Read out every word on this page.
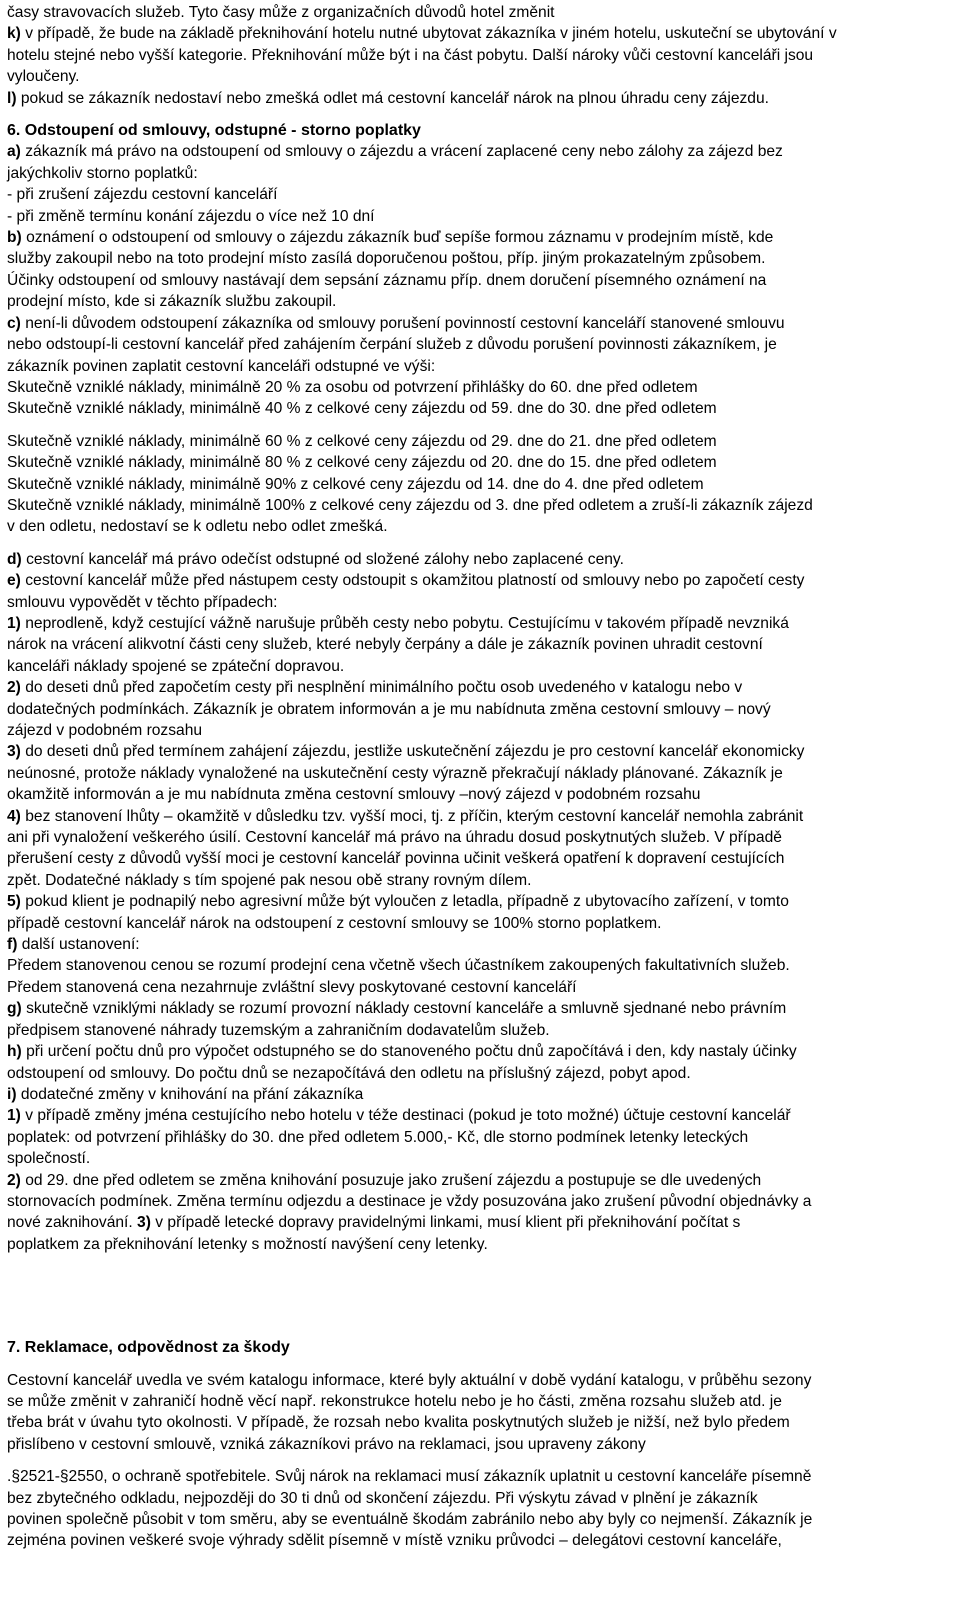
časy stravovacích služeb. Tyto časy může z organizačních důvodů hotel změnit
k) v případě, že bude na základě překnihování hotelu nutné ubytovat zákazníka v jiném hotelu, uskuteční se ubytování v
hotelu stejné nebo vyšší kategorie. Překnihování může být i na část pobytu. Další nároky vůči cestovní kanceláři jsou
vyloučeny.
l) pokud se zákazník nedostaví nebo zmešká odlet má cestovní kancelář nárok na plnou úhradu ceny zájezdu.
6. Odstoupení od smlouvy, odstupné - storno poplatky
a) zákazník má právo na odstoupení od smlouvy o zájezdu a vrácení zaplacené ceny nebo zálohy za zájezd bez
jakýchkoliv storno poplatků:
- při zrušení zájezdu cestovní kanceláří
- při změně termínu konání zájezdu o více než 10 dní
b) oznámení o odstoupení od smlouvy o zájezdu zákazník buď sepíše formou záznamu v prodejním místě, kde
služby zakoupil nebo na toto prodejní místo zasílá doporučenou poštou, příp. jiným prokazatelným způsobem.
Účinky odstoupení od smlouvy nastávají dem sepsání záznamu příp. dnem doručení písemného oznámení na
prodejní místo, kde si zákazník službu zakoupil.
c) není-li důvodem odstoupení zákazníka od smlouvy porušení povinností cestovní kanceláří stanovené smlouvu
nebo odstoupí-li cestovní kancelář před zahájením čerpání služeb z důvodu porušení povinnosti zákazníkem, je
zákazník povinen zaplatit cestovní kanceláři odstupné ve výši:
Skutečně vzniklé náklady, minimálně 20 % za osobu od potvrzení přihlášky do 60. dne před odletem
Skutečně vzniklé náklady, minimálně 40 % z celkové ceny zájezdu od 59. dne do 30. dne před odletem
Skutečně vzniklé náklady, minimálně 60 % z celkové ceny zájezdu od 29. dne do 21. dne před odletem
Skutečně vzniklé náklady, minimálně 80 % z celkové ceny zájezdu od 20. dne do 15. dne před odletem
Skutečně vzniklé náklady, minimálně 90% z celkové ceny zájezdu od 14. dne do 4. dne před odletem
Skutečně vzniklé náklady, minimálně 100% z celkové ceny zájezdu od 3. dne před odletem a zruší-li zákazník zájezd
v den odletu, nedostaví se k odletu nebo odlet zmešká.
d) cestovní kancelář má právo odečíst odstupné od složené zálohy nebo zaplacené ceny.
e) cestovní kancelář může před nástupem cesty odstoupit s okamžitou platností od smlouvy nebo po započetí cesty
smlouvu vypovědět v těchto případech:
1) neprodleně, když cestující vážně narušuje průběh cesty nebo pobytu. Cestujícímu v takovém případě nevzniká
nárok na vrácení alikvotní části ceny služeb, které nebyly čerpány a dále je zákazník povinen uhradit cestovní
kanceláři náklady spojené se zpáteční dopravou.
2) do deseti dnů před započetím cesty při nesplnění minimálního počtu osob uvedeného v katalogu nebo v
dodatečných podmínkách. Zákazník je obratem informován a je mu nabídnuta změna cestovní smlouvy – nový
zájezd v podobném rozsahu
3) do deseti dnů před termínem zahájení zájezdu, jestliže uskutečnění zájezdu je pro cestovní kancelář ekonomicky
neúnosné, protože náklady vynaložené na uskutečnění cesty výrazně překračují náklady plánované. Zákazník je
okamžitě informován a je mu nabídnuta změna cestovní smlouvy –nový zájezd v podobném rozsahu
4) bez stanovení lhůty – okamžitě v důsledku tzv. vyšší moci, tj. z příčin, kterým cestovní kancelář nemohla zabránit
ani při vynaložení veškerého úsilí. Cestovní kancelář má právo na úhradu dosud poskytnutých služeb. V případě
přerušení cesty z důvodů vyšší moci je cestovní kancelář povinna učinit veškerá opatření k dopravení cestujících
zpět. Dodatečné náklady s tím spojené pak nesou obě strany rovným dílem.
5) pokud klient je podnapilý nebo agresivní může být vyloučen z letadla, případně z ubytovacího zařízení, v tomto
případě cestovní kancelář nárok na odstoupení z cestovní smlouvy se 100% storno poplatkem.
f) další ustanovení:
Předem stanovenou cenou se rozumí prodejní cena včetně všech účastníkem zakoupených fakultativních služeb.
Předem stanovená cena nezahrnuje zvláštní slevy poskytované cestovní kanceláří
g) skutečně vzniklými náklady se rozumí provozní náklady cestovní kanceláře a smluvně sjednané nebo právním
předpisem stanovené náhrady tuzemským a zahraničním dodavatelům služeb.
h) při určení počtu dnů pro výpočet odstupného se do stanoveného počtu dnů započítává i den, kdy nastaly účinky
odstoupení od smlouvy. Do počtu dnů se nezapočítává den odletu na příslušný zájezd, pobyt apod.
i) dodatečné změny v knihování na přání zákazníka
1) v případě změny jména cestujícího nebo hotelu v téže destinaci (pokud je toto možné) účtuje cestovní kancelář
poplatek: od potvrzení přihlášky do 30. dne před odletem 5.000,- Kč, dle storno podmínek letenky leteckých
společností.
2) od 29. dne před odletem se změna knihování posuzuje jako zrušení zájezdu a postupuje se dle uvedených
stornovacích podmínek. Změna termínu odjezdu a destinace je vždy posuzována jako zrušení původní objednávky a
nové zaknihování. 3) v případě letecké dopravy pravidelnými linkami, musí klient při překnihování počítat s
poplatkem za překnihování letenky s možností navýšení ceny letenky.
7. Reklamace, odpovědnost za škody
Cestovní kancelář uvedla ve svém katalogu informace, které byly aktuální v době vydání katalogu, v průběhu sezony
se může změnit v zahraničí hodně věcí např. rekonstrukce hotelu nebo je ho části, změna rozsahu služeb atd. je
třeba brát v úvahu tyto okolnosti. V případě, že rozsah nebo kvalita poskytnutých služeb je nižší, než bylo předem
přislíbeno v cestovní smlouvě, vzniká zákazníkovi právo na reklamaci, jsou upraveny zákony
.§2521-§2550, o ochraně spotřebitele. Svůj nárok na reklamaci musí zákazník uplatnit u cestovní kanceláře písemně
bez zbytečného odkladu, nejpozději do 30 ti dnů od skončení zájezdu. Při výskytu závad v plnění je zákazník
povinen společně působit v tom směru, aby se eventuálně škodám zabránilo nebo aby byly co nejmenší. Zákazník je
zejména povinen veškeré svoje výhrady sdělit písemně v místě vzniku průvodci – delegátovi cestovní kanceláře,
